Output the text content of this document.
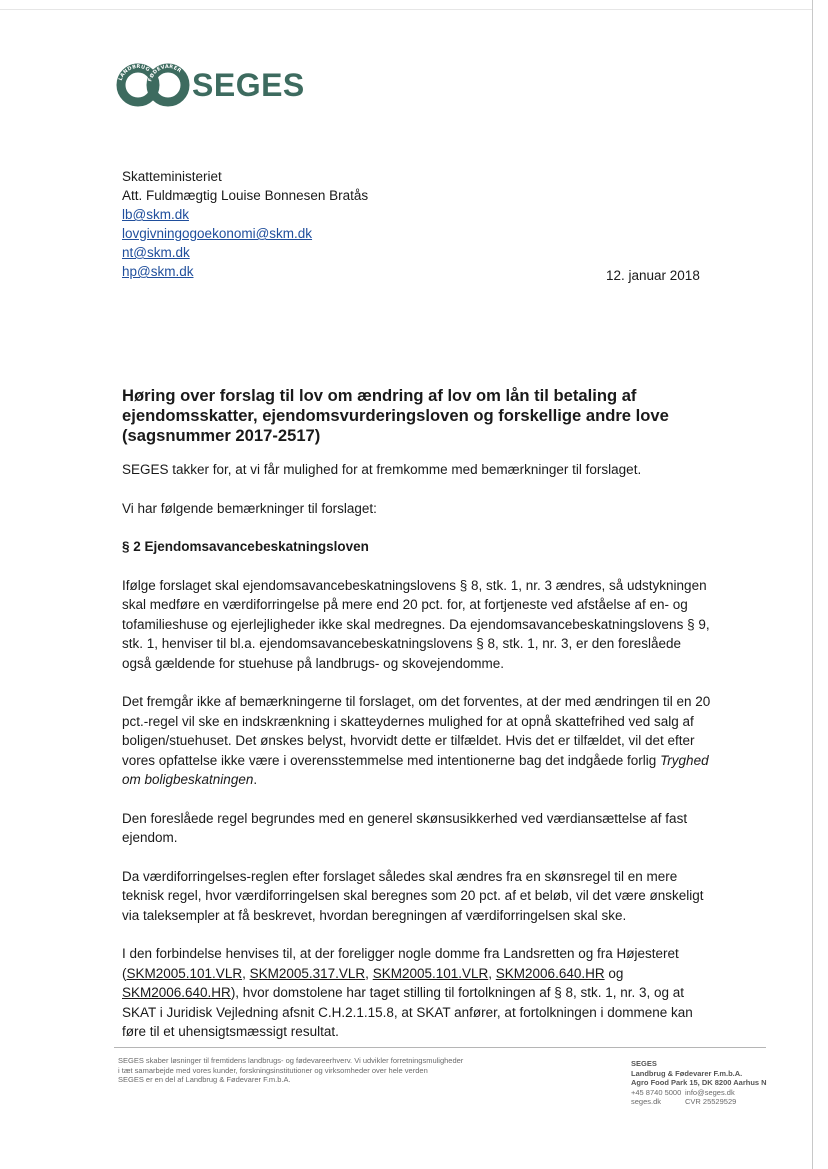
LANDBRUG
FØDEVARER SEGES
Skatteministeriet
Att. Fuldmægtig Louise Bonnesen Bratås
lb@skm.dk
lovgivningogoekonomi@skm.dk
nt@skm.dk
hp@skm.dk	12. januar 2018
Høring over forslag til lov om ændring af lov om lån til betaling af ejendomsskatter, ejendomsvurderingsloven og forskellige andre love (sagsnummer 2017-2517)

SEGES takker for, at vi får mulighed for at fremkomme med bemærkninger til forslaget.

Vi har følgende bemærkninger til forslaget:

§ 2 Ejendomsavancebeskatningsloven

Ifølge forslaget skal ejendomsavancebeskatningslovens § 8, stk. 1, nr. 3 ændres, så udstykningen skal medføre en værdiforringelse på mere end 20 pct. for, at fortjeneste ved afståelse af en- og tofamilieshuse og ejerlejligheder ikke skal medregnes. Da ejendomsavancebeskatningslovens § 9, stk. 1, henviser til bl.a. ejendomsavancebeskatningslovens § 8, stk. 1, nr. 3, er den foreslåede også gældende for stuehuse på landbrugs- og skovejendomme.

Det fremgår ikke af bemærkningerne til forslaget, om det forventes, at der med ændringen til en 20 pct.-regel vil ske en indskrænkning i skatteydernes mulighed for at opnå skattefrihed ved salg af boligen/stuehuset. Det ønskes belyst, hvorvidt dette er tilfældet. Hvis det er tilfældet, vil det efter vores opfattelse ikke være i overensstemmelse med intentionerne bag det indgåede forlig Tryghed om boligbeskatningen.

Den foreslåede regel begrundes med en generel skønsusikkerhed ved værdiansættelse af fast ejendom.

Da værdiforringelses-reglen efter forslaget således skal ændres fra en skønsregel til en mere teknisk regel, hvor værdiforringelsen skal beregnes som 20 pct. af et beløb, vil det være ønskeligt via taleksempler at få beskrevet, hvordan beregningen af værdiforringelsen skal ske.

I den forbindelse henvises til, at der foreligger nogle domme fra Landsretten og fra Højesteret (SKM2005.101.VLR, SKM2005.317.VLR, SKM2005.101.VLR, SKM2006.640.HR og SKM2006.640.HR), hvor domstolene har taget stilling til fortolkningen af § 8, stk. 1, nr. 3, og at SKAT i Juridisk Vejledning afsnit C.H.2.1.15.8, at SKAT anfører, at fortolkningen i dommene kan føre til et uhensigtsmæssigt resultat.

SEGES skaber løsninger til fremtidens landbrugs- og fødevareerhverv. Vi udvikler forretningsmuligheder
i tæt samarbejde med vores kunder, forskningsinstitutioner og virksomheder over hele verden
SEGES er en del af Landbrug & Fødevarer F.m.b.A.
SEGES
Landbrug & Fødevarer F.m.b.A.
Agro Food Park 15, DK 8200 Aarhus N
+45 8740 5000 info@seges.dk
seges.dk	CVR 25529529
